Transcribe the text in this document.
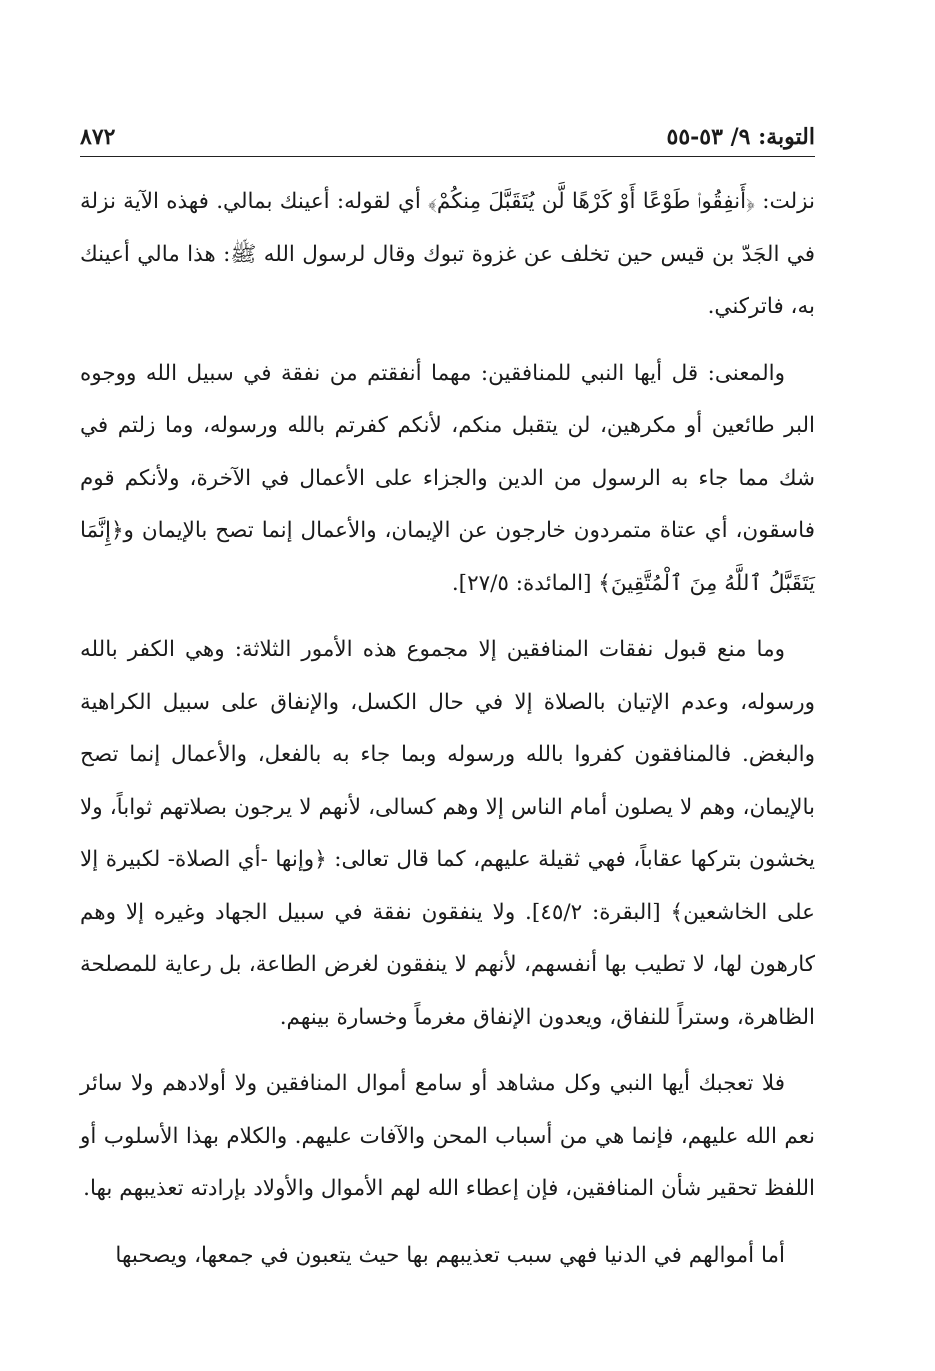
٨٧٢	التوبة: ٩/ ٥٣-٥٥

نزلت: ﴿أَنفِقُوا۟ طَوْعًا أَوْ كَرْهًا لَّن يُتَقَبَّلَ مِنكُمْ﴾ أي لقوله: أعينك بمالي. فهذه الآية نزلة في الجَدّ بن قيس حين تخلف عن غزوة تبوك وقال لرسول الله ﷺ: هذا مالي أعينك به، فاتركني.

والمعنى: قل أيها النبي للمنافقين: مهما أنفقتم من نفقة في سبيل الله ووجوه البر طائعين أو مكرهين، لن يتقبل منكم، لأنكم كفرتم بالله ورسوله، وما زلتم في شك مما جاء به الرسول من الدين والجزاء على الأعمال في الآخرة، ولأنكم قوم فاسقون، أي عتاة متمردون خارجون عن الإيمان، والأعمال إنما تصح بالإيمان و﴿إِنَّمَا يَتَقَبَّلُ ٱللَّهُ مِنَ ٱلْمُتَّقِينَ﴾ [المائدة: ٢٧/٥].

وما منع قبول نفقات المنافقين إلا مجموع هذه الأمور الثلاثة: وهي الكفر بالله ورسوله، وعدم الإتيان بالصلاة إلا في حال الكسل، والإنفاق على سبيل الكراهية والبغض. فالمنافقون كفروا بالله ورسوله وبما جاء به بالفعل، والأعمال إنما تصح بالإيمان، وهم لا يصلون أمام الناس إلا وهم كسالى، لأنهم لا يرجون بصلاتهم ثواباً، ولا يخشون بتركها عقاباً، فهي ثقيلة عليهم، كما قال تعالى: ﴿وإنها -أي الصلاة- لكبيرة إلا على الخاشعين﴾ [البقرة: ٤٥/٢]. ولا ينفقون نفقة في سبيل الجهاد وغيره إلا وهم كارهون لها، لا تطيب بها أنفسهم، لأنهم لا ينفقون لغرض الطاعة، بل رعاية للمصلحة الظاهرة، وستراً للنفاق، ويعدون الإنفاق مغرماً وخسارة بينهم.

فلا تعجبك أيها النبي وكل مشاهد أو سامع أموال المنافقين ولا أولادهم ولا سائر نعم الله عليهم، فإنما هي من أسباب المحن والآفات عليهم. والكلام بهذا الأسلوب أو اللفظ تحقير شأن المنافقين، فإن إعطاء الله لهم الأموال والأولاد بإرادته تعذيبهم بها.

أما أموالهم في الدنيا فهي سبب تعذيبهم بها حيث يتعبون في جمعها، ويصحبها
